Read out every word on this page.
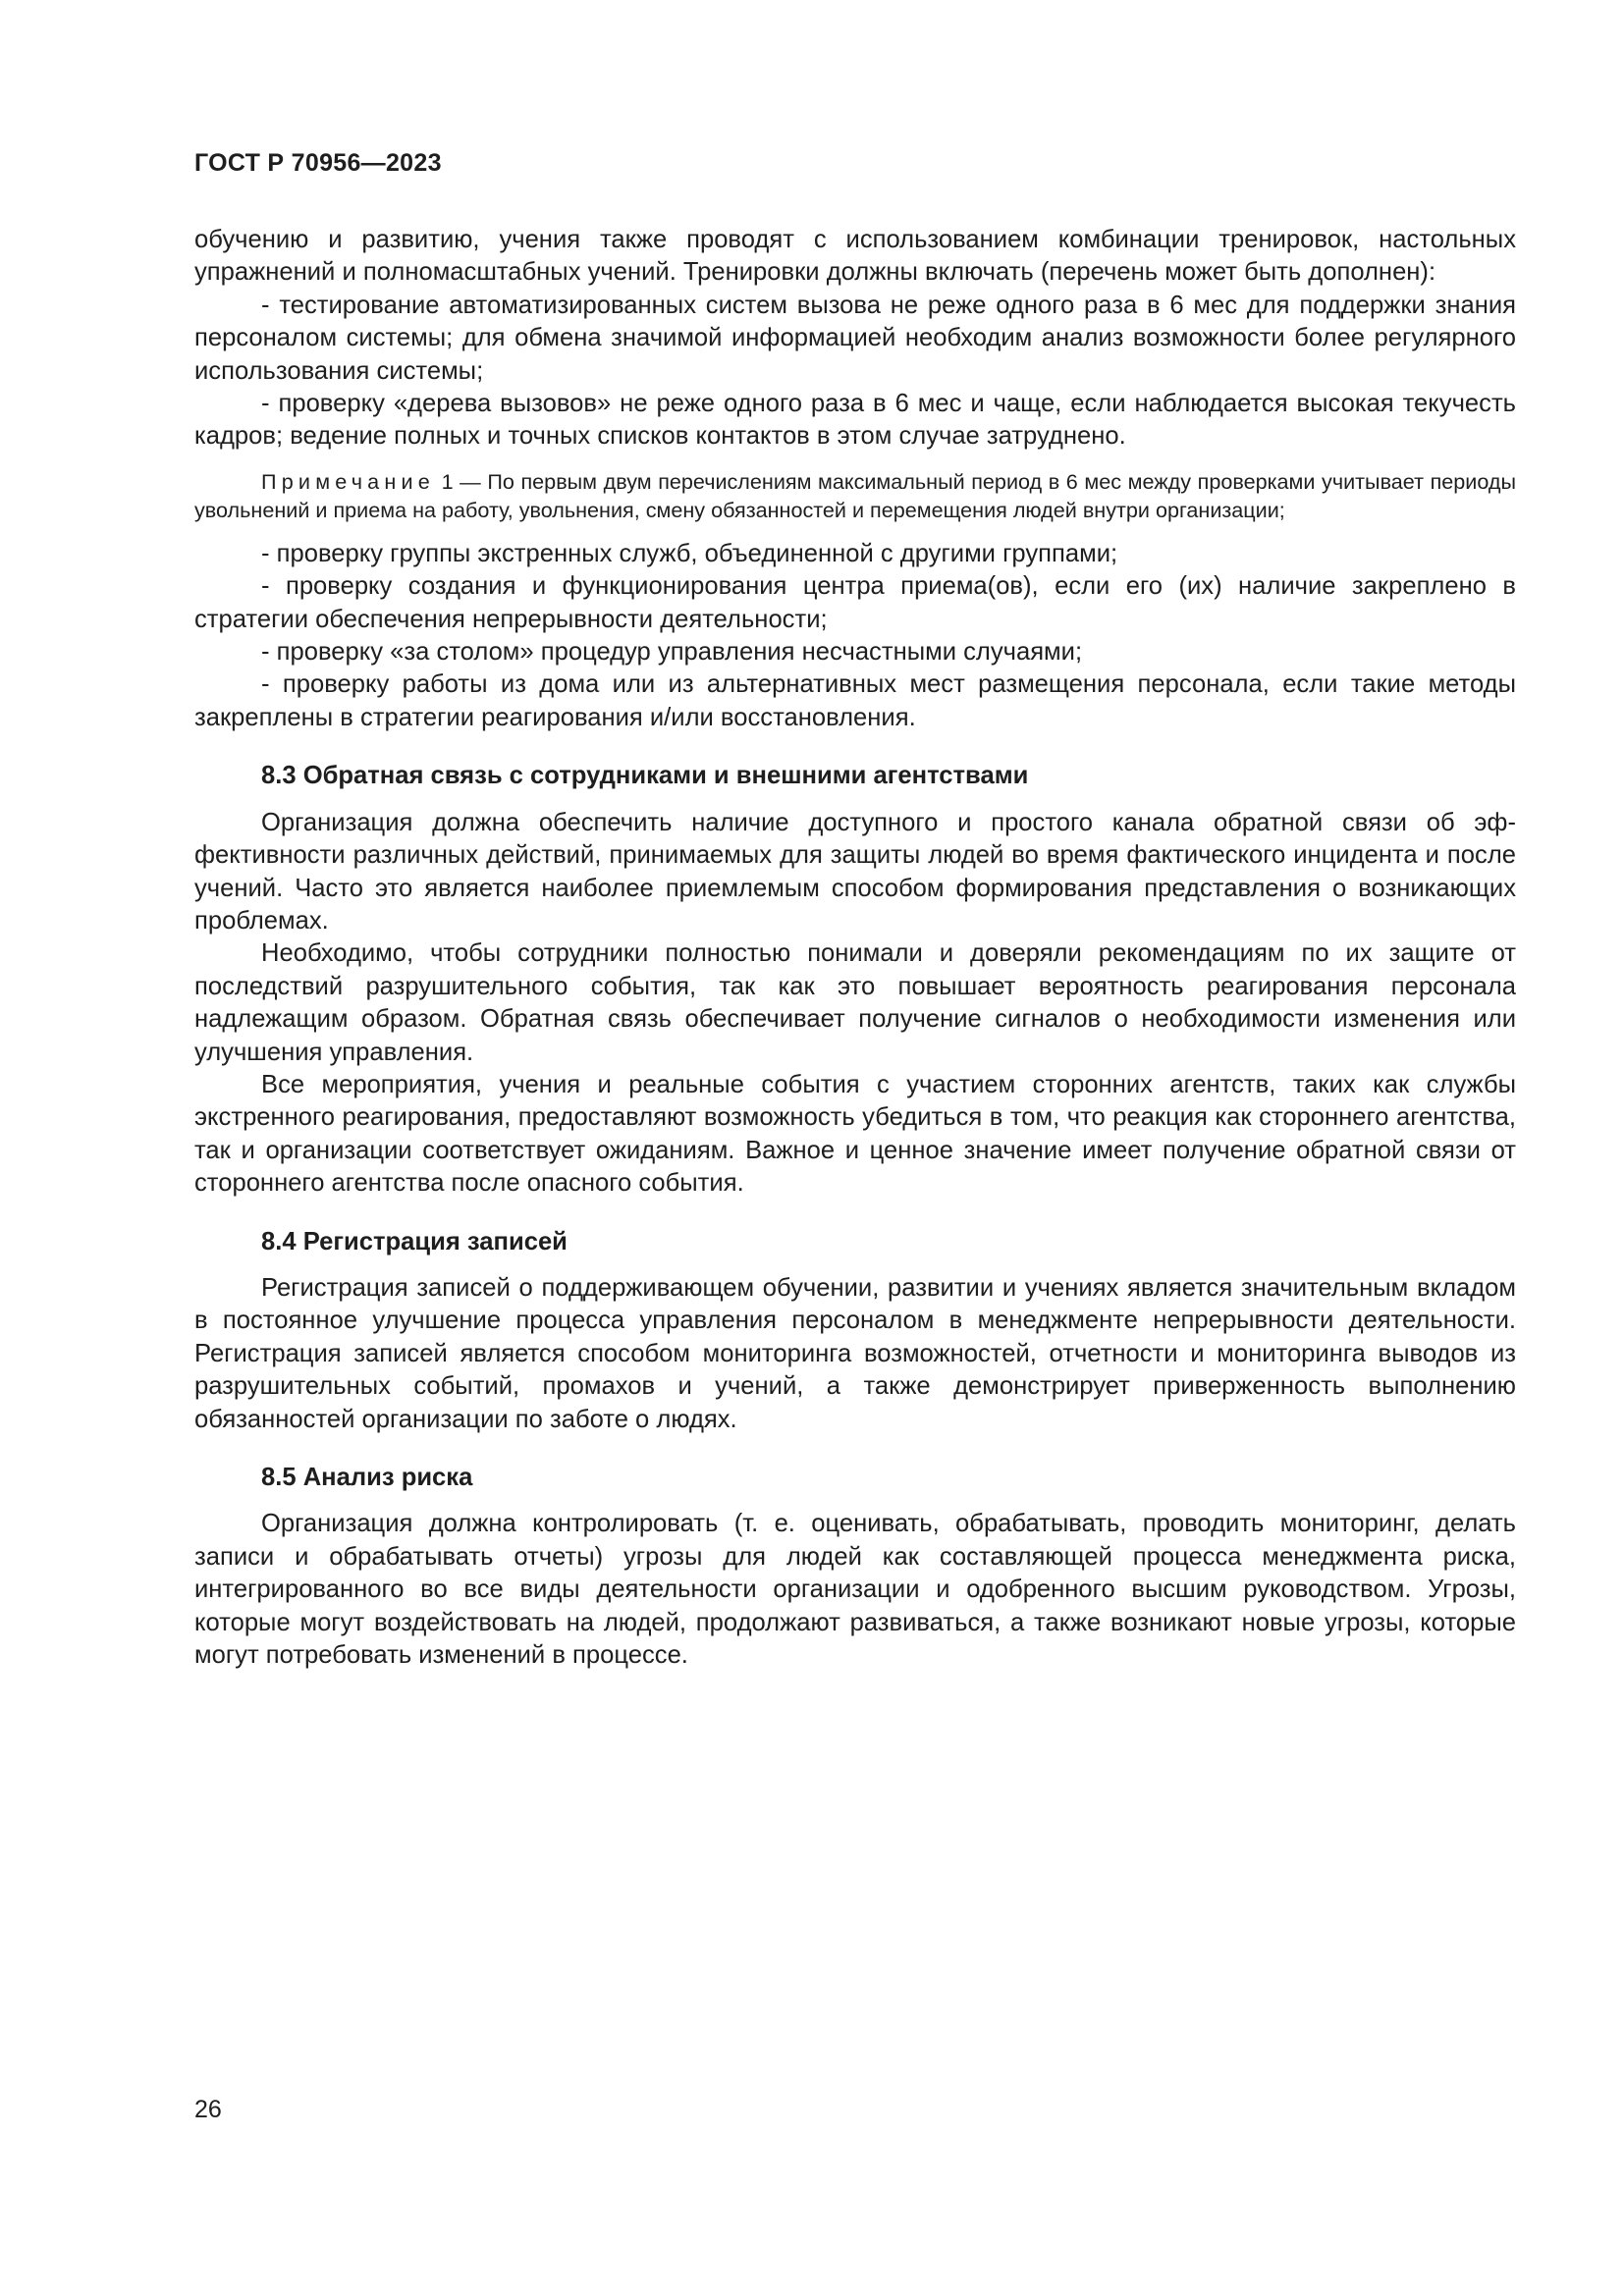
ГОСТ Р 70956—2023

обучению и развитию, учения также проводят с использованием комбинации тренировок, настольных упражнений и полномасштабных учений. Тренировки должны включать (перечень может быть дополнен):

- тестирование автоматизированных систем вызова не реже одного раза в 6 мес для поддержки знания персоналом системы; для обмена значимой информацией необходим анализ возможности более регулярного использования системы;

- проверку «дерева вызовов» не реже одного раза в 6 мес и чаще, если наблюдается высокая текучесть кадров; ведение полных и точных списков контактов в этом случае затруднено.

Примечание 1 — По первым двум перечислениям максимальный период в 6 мес между проверками учитывает периоды увольнений и приема на работу, увольнения, смену обязанностей и перемещения людей внутри организации;

- проверку группы экстренных служб, объединенной с другими группами;

- проверку создания и функционирования центра приема(ов), если его (их) наличие закреплено в стратегии обеспечения непрерывности деятельности;

- проверку «за столом» процедур управления несчастными случаями;

- проверку работы из дома или из альтернативных мест размещения персонала, если такие методы закреплены в стратегии реагирования и/или восстановления.

8.3 Обратная связь с сотрудниками и внешними агентствами

Организация должна обеспечить наличие доступного и простого канала обратной связи об эффективности различных действий, принимаемых для защиты людей во время фактического инцидента и после учений. Часто это является наиболее приемлемым способом формирования представления о возникающих проблемах.

Необходимо, чтобы сотрудники полностью понимали и доверяли рекомендациям по их защите от последствий разрушительного события, так как это повышает вероятность реагирования персонала надлежащим образом. Обратная связь обеспечивает получение сигналов о необходимости изменения или улучшения управления.

Все мероприятия, учения и реальные события с участием сторонних агентств, таких как службы экстренного реагирования, предоставляют возможность убедиться в том, что реакция как стороннего агентства, так и организации соответствует ожиданиям. Важное и ценное значение имеет получение обратной связи от стороннего агентства после опасного события.

8.4 Регистрация записей

Регистрация записей о поддерживающем обучении, развитии и учениях является значительным вкладом в постоянное улучшение процесса управления персоналом в менеджменте непрерывности деятельности. Регистрация записей является способом мониторинга возможностей, отчетности и мониторинга выводов из разрушительных событий, промахов и учений, а также демонстрирует приверженность выполнению обязанностей организации по заботе о людях.

8.5 Анализ риска

Организация должна контролировать (т. е. оценивать, обрабатывать, проводить мониторинг, делать записи и обрабатывать отчеты) угрозы для людей как составляющей процесса менеджмента риска, интегрированного во все виды деятельности организации и одобренного высшим руководством. Угрозы, которые могут воздействовать на людей, продолжают развиваться, а также возникают новые угрозы, которые могут потребовать изменений в процессе.

26
